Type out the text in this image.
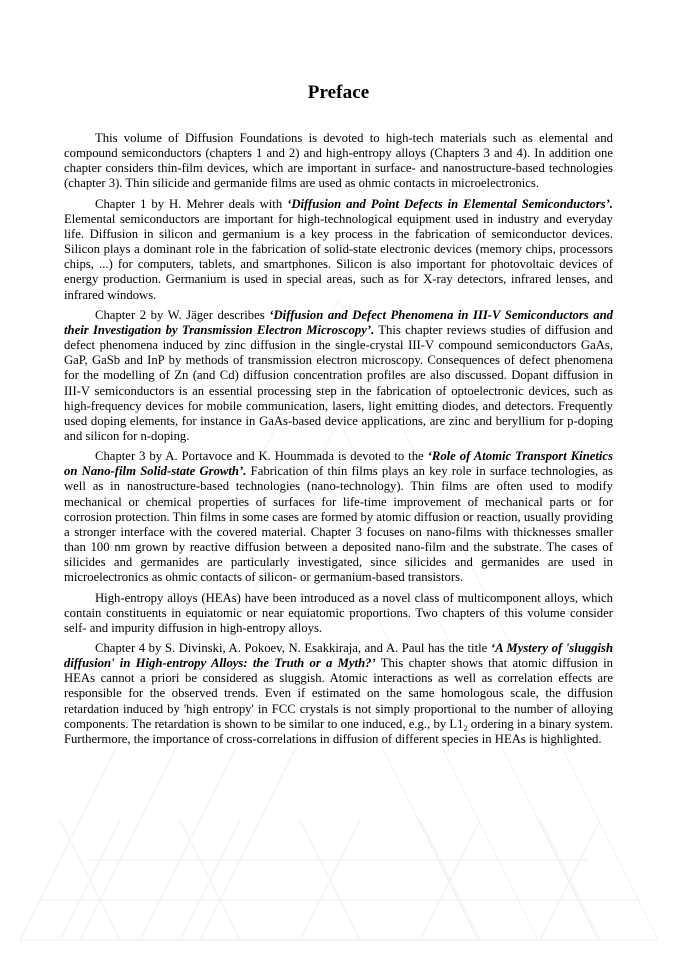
Preface

This volume of Diffusion Foundations is devoted to high-tech materials such as elemental and compound semiconductors (chapters 1 and 2) and high-entropy alloys (Chapters 3 and 4). In addition one chapter considers thin-film devices, which are important in surface- and nanostructure-based technologies (chapter 3). Thin silicide and germanide films are used as ohmic contacts in microelectronics.

Chapter 1 by H. Mehrer deals with ‘Diffusion and Point Defects in Elemental Semiconductors’. Elemental semiconductors are important for high-technological equipment used in industry and everyday life. Diffusion in silicon and germanium is a key process in the fabrication of semiconductor devices. Silicon plays a dominant role in the fabrication of solid-state electronic devices (memory chips, processors chips, ...) for computers, tablets, and smartphones. Silicon is also important for photovoltaic devices of energy production. Germanium is used in special areas, such as for X-ray detectors, infrared lenses, and infrared windows.

Chapter 2 by W. Jäger describes ‘Diffusion and Defect Phenomena in III-V Semiconductors and their Investigation by Transmission Electron Microscopy’. This chapter reviews studies of diffusion and defect phenomena induced by zinc diffusion in the single-crystal III-V compound semiconductors GaAs, GaP, GaSb and InP by methods of transmission electron microscopy. Consequences of defect phenomena for the modelling of Zn (and Cd) diffusion concentration profiles are also discussed. Dopant diffusion in III-V semiconductors is an essential processing step in the fabrication of optoelectronic devices, such as high-frequency devices for mobile communication, lasers, light emitting diodes, and detectors. Frequently used doping elements, for instance in GaAs-based device applications, are zinc and beryllium for p-doping and silicon for n-doping.

Chapter 3 by A. Portavoce and K. Hoummada is devoted to the ‘Role of Atomic Transport Kinetics on Nano-film Solid-state Growth’. Fabrication of thin films plays an key role in surface technologies, as well as in nanostructure-based technologies (nano-technology). Thin films are often used to modify mechanical or chemical properties of surfaces for life-time improvement of mechanical parts or for corrosion protection. Thin films in some cases are formed by atomic diffusion or reaction, usually providing a stronger interface with the covered material. Chapter 3 focuses on nano-films with thicknesses smaller than 100 nm grown by reactive diffusion between a deposited nano-film and the substrate. The cases of silicides and germanides are particularly investigated, since silicides and germanides are used in microelectronics as ohmic contacts of silicon- or germanium-based transistors.

High-entropy alloys (HEAs) have been introduced as a novel class of multicomponent alloys, which contain constituents in equiatomic or near equiatomic proportions. Two chapters of this volume consider self- and impurity diffusion in high-entropy alloys.

Chapter 4 by S. Divinski, A. Pokoev, N. Esakkiraja, and A. Paul has the title ‘A Mystery of 'sluggish diffusion' in High-entropy Alloys: the Truth or a Myth?’ This chapter shows that atomic diffusion in HEAs cannot a priori be considered as sluggish. Atomic interactions as well as correlation effects are responsible for the observed trends. Even if estimated on the same homologous scale, the diffusion retardation induced by 'high entropy' in FCC crystals is not simply proportional to the number of alloying components. The retardation is shown to be similar to one induced, e.g., by $L1_2$ ordering in a binary system. Furthermore, the importance of cross-correlations in diffusion of different species in HEAs is highlighted.
